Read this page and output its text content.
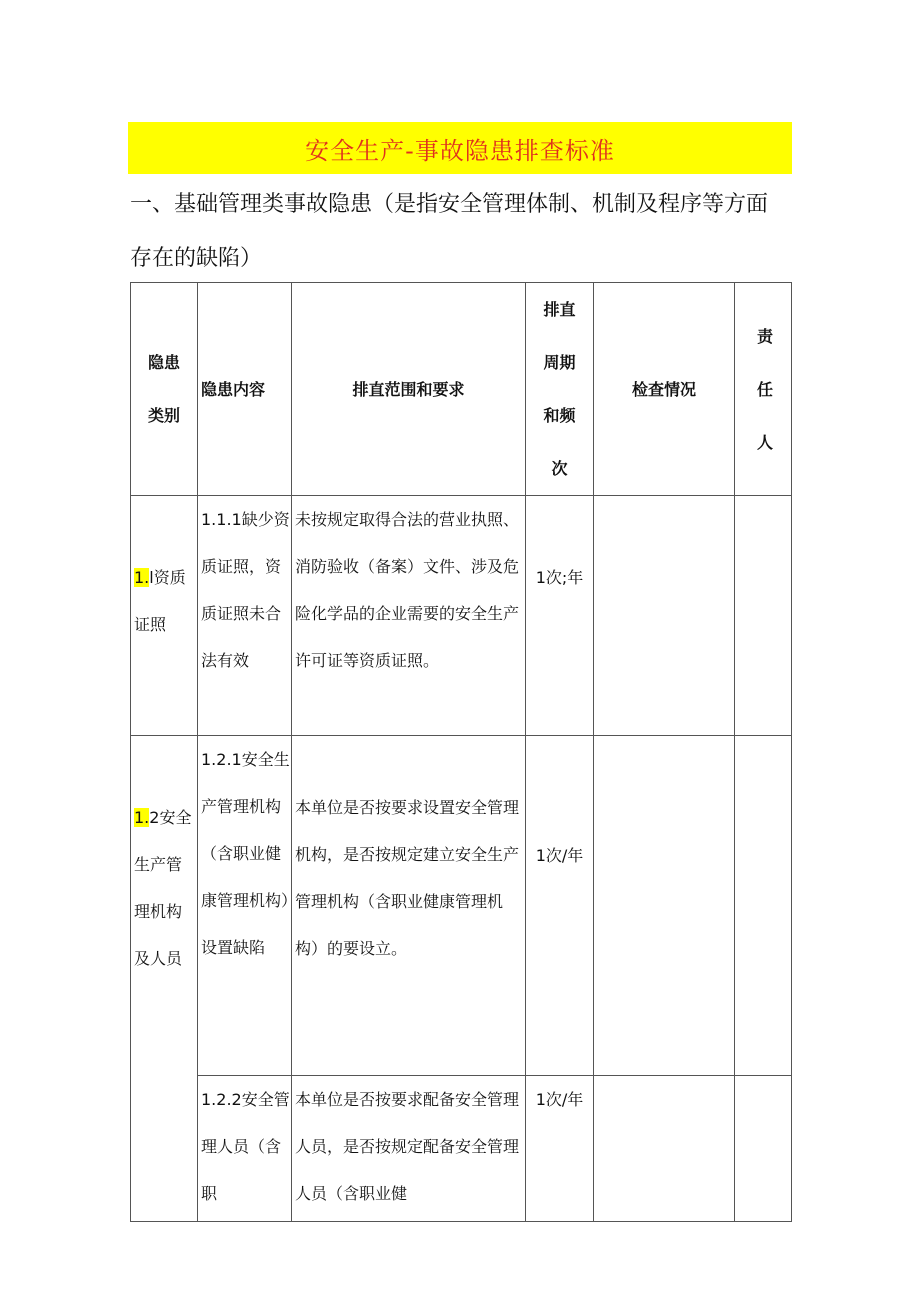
安全生产-事故隐患排查标准
一、基础管理类事故隐患（是指安全管理体制、机制及程序等方面存在的缺陷）
隐患类别	隐患内容	排直范围和要求	排直周期和频次	检查情况	责任人
1.l资质证照	1.1.1缺少资质证照，资质证照未合法有效	未按规定取得合法的营业执照、消防验收（备案）文件、涉及危险化学品的企业需要的安全生产许可证等资质证照。	1次;年		
1.2安全生产管理机构及人员	1.2.1安全生产管理机构 （含职业健康管理机构）设置缺陷	本单位是否按要求设置安全管理机构，是否按规定建立安全生产管理机构（含职业健康管理机构）的要设立。	1次/年		
	1.2.2安全管理人员（含职	本单位是否按要求配备安全管理人员，是否按规定配备安全管理人员（含职业健	1次/年		
